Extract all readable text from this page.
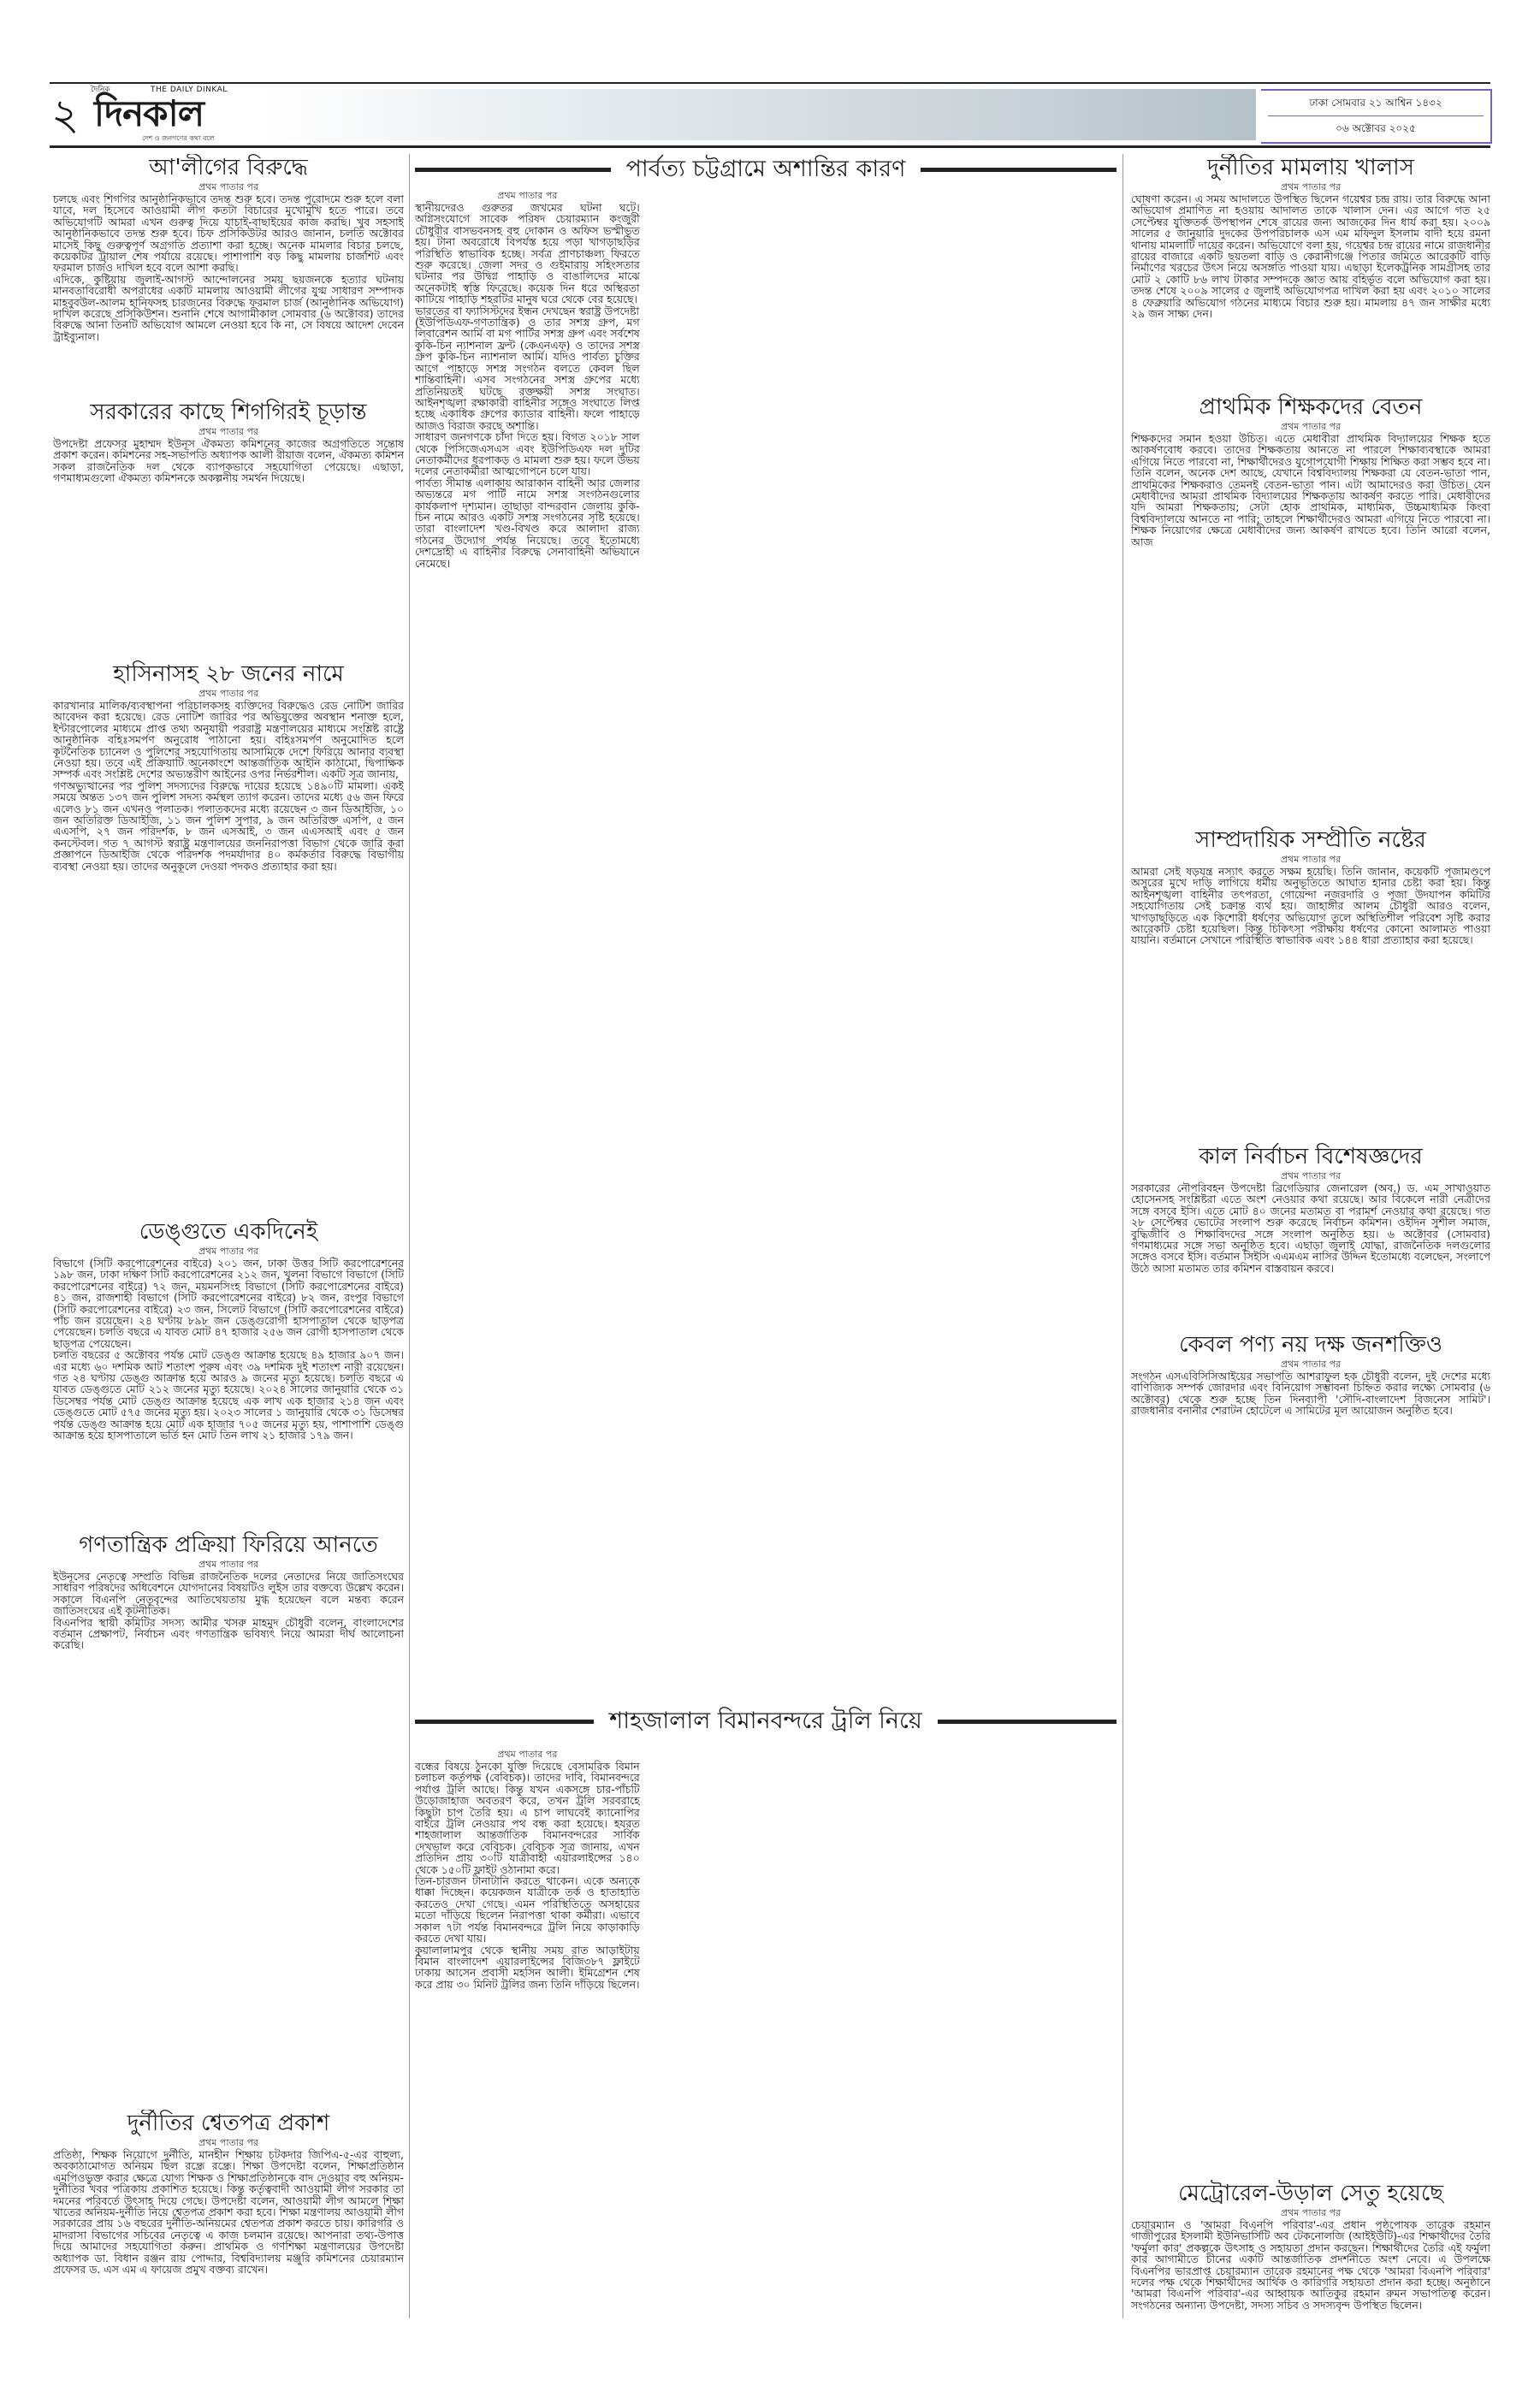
২	দৈনিক	THE DAILY DINKAL
দিনকাল
দেশ ও জনগণের কথা বলে
ঢাকা সোমবার ২১ আশ্বিন ১৪৩২
০৬ অক্টোবর ২০২৫
আ'লীগের বিরুদ্ধে
প্রথম পাতার পর

চলছে এবং শিগগির আনুষ্ঠানিকভাবে তদন্ত শুরু হবে। তদন্ত পুরোদমে শুরু হলে বলা যাবে, দল হিসেবে আওয়ামী লীগ কতটা বিচারের মুখোমুখি হতে পারে। তবে অভিযোগটি আমরা এখন গুরুত্ব দিয়ে যাচাই-বাছাইয়ের কাজ করছি। খুব সহসাই আনুষ্ঠানিকভাবে তদন্ত শুরু হবে। চিফ প্রসিকিউটর আরও জানান, চলতি অক্টোবর মাসেই কিছু গুরুত্বপূর্ণ অগ্রগতি প্রত্যাশা করা হচ্ছে। অনেক মামলার বিচার চলছে, কয়েকটির ট্রায়াল শেষ পর্যায়ে রয়েছে। পাশাপাশি বড় কিছু মামলায় চার্জশিট এবং ফরমাল চার্জও দাখিল হবে বলে আশা করছি।

এদিকে, কুষ্টিয়ায় জুলাই-আগস্ট আন্দোলনের সময় ছয়জনকে হত্যার ঘটনায় মানবতাবিরোধী অপরাধের একটি মামলায় আওয়ামী লীগের যুগ্ম সাধারণ সম্পাদক মাহবুবউল-আলম হানিফসহ চারজনের বিরুদ্ধে ফরমাল চার্জ (আনুষ্ঠানিক অভিযোগ) দাখিল করেছে প্রসিকিউশন। শুনানি শেষে আগামীকাল সোমবার (৬ অক্টোবর) তাদের বিরুদ্ধে আনা তিনটি অভিযোগ আমলে নেওয়া হবে কি না, সে বিষয়ে আদেশ দেবেন ট্রাইব্যুনাল।

সরকারের কাছে শিগগিরই চূড়ান্ত
প্রথম পাতার পর

উপদেষ্টা প্রফেসর মুহাম্মদ ইউনূস ঐকমত্য কমিশনের কাজের অগ্রগতিতে সন্তোষ প্রকাশ করেন। কমিশনের সহ-সভাপতি অধ্যাপক আলী রীয়াজ বলেন, ঐকমত্য কমিশন সকল রাজনৈতিক দল থেকে ব্যাপকভাবে সহযোগিতা পেয়েছে। এছাড়া, গণমাধ্যমগুলো ঐকমত্য কমিশনকে অকল্পনীয় সমর্থন দিয়েছে।

হাসিনাসহ ২৮ জনের নামে
প্রথম পাতার পর

কারখানার মালিক/ব্যবস্থাপনা পরিচালকসহ ব্যক্তিদের বিরুদ্ধেও রেড নোটিশ জারির আবেদন করা হয়েছে। রেড নোটিশ জারির পর অভিযুক্তের অবস্থান শনাক্ত হলে, ইন্টারপোলের মাধ্যমে প্রাপ্ত তথ্য অনুযায়ী পররাষ্ট্র মন্ত্রণালয়ের মাধ্যমে সংশ্লিষ্ট রাষ্ট্রে আনুষ্ঠানিক বহিঃসমর্পণ অনুরোধ পাঠানো হয়। বহিঃসমর্পণ অনুমোদিত হলে কূটনৈতিক চ্যানেল ও পুলিশের সহযোগিতায় আসামিকে দেশে ফিরিয়ে আনার ব্যবস্থা নেওয়া হয়। তবে এই প্রক্রিয়াটি অনেকাংশে আন্তর্জাতিক আইনি কাঠামো, দ্বিপাক্ষিক সম্পর্ক এবং সংশ্লিষ্ট দেশের অভ্যন্তরীণ আইনের ওপর নির্ভরশীল। একটি সূত্র জানায়,

গণঅভ্যুত্থানের পর পুলিশ সদস্যদের বিরুদ্ধে দায়ের হয়েছে ১৪৯০টি মামলা। একই সময়ে অন্তত ১৩৭ জন পুলিশ সদস্য কর্মস্থল ত্যাগ করেন। তাদের মধ্যে ৫৬ জন ফিরে এলেও ৮১ জন এখনও পলাতক। পলাতকদের মধ্যে রয়েছেন ৩ জন ডিআইজি, ১০ জন অতিরিক্ত ডিআইজি, ১১ জন পুলিশ সুপার, ৯ জন অতিরিক্ত এসপি, ৫ জন এএসপি, ২৭ জন পরিদর্শক, ৮ জন এসআই, ৩ জন এএসআই এবং ৫ জন কনস্টেবল। গত ৭ আগস্ট স্বরাষ্ট্র মন্ত্রণালয়ের জননিরাপত্তা বিভাগ থেকে জারি করা প্রজ্ঞাপনে ডিআইজি থেকে পরিদর্শক পদমর্যাদার ৪০ কর্মকর্তার বিরুদ্ধে বিভাগীয় ব্যবস্থা নেওয়া হয়। তাদের অনুকূলে দেওয়া পদকও প্রত্যাহার করা হয়।

ডেঙ্গুতে একদিনেই
প্রথম পাতার পর

বিভাগে (সিটি করপোরেশনের বাইরে) ২০১ জন, ঢাকা উত্তর সিটি করপোরেশনের ১৯৮ জন, ঢাকা দক্ষিণ সিটি করপোরেশনের ২১২ জন, খুলনা বিভাগে বিভাগে (সিটি করপোরেশনের বাইরে) ৭২ জন, ময়মনসিংহ বিভাগে (সিটি করপোরেশনের বাইরে) ৪১ জন, রাজশাহী বিভাগে (সিটি করপোরেশনের বাইরে) ৮২ জন, রংপুর বিভাগে (সিটি করপোরেশনের বাইরে) ২৩ জন, সিলেট বিভাগে (সিটি করপোরেশনের বাইরে) পাঁচ জন রয়েছেন। ২৪ ঘণ্টায় ৮৯৮ জন ডেঙ্গুরোগী হাসপাতাল থেকে ছাড়পত্র পেয়েছেন। চলতি বছরে এ যাবত মোট ৪৭ হাজার ২৫৬ জন রোগী হাসপাতাল থেকে ছাড়পত্র পেয়েছেন।

চলতি বছরের ৫ অক্টোবর পর্যন্ত মোট ডেঙ্গু আক্রান্ত হয়েছে ৪৯ হাজার ৯০৭ জন। এর মধ্যে ৬০ দশমিক আট শতাংশ পুরুষ এবং ৩৯ দশমিক দুই শতাংশ নারী রয়েছেন। গত ২৪ ঘণ্টায় ডেঙ্গু আক্রান্ত হয়ে আরও ৯ জনের মৃত্যু হয়েছে। চলতি বছরে এ যাবত ডেঙ্গুতে মোট ২১২ জনের মৃত্যু হয়েছে। ২০২৪ সালের জানুয়ারি থেকে ৩১ ডিসেম্বর পর্যন্ত মোট ডেঙ্গু আক্রান্ত হয়েছে এক লাখ এক হাজার ২১৪ জন এবং ডেঙ্গুতে মোট ৫৭৫ জনের মৃত্যু হয়। ২০২৩ সালের ১ জানুয়ারি থেকে ৩১ ডিসেম্বর পর্যন্ত ডেঙ্গু আক্রান্ত হয়ে মোট এক হাজার ৭০৫ জনের মৃত্যু হয়, পাশাপাশি ডেঙ্গু আক্রান্ত হয়ে হাসপাতালে ভর্তি হন মোট তিন লাখ ২১ হাজার ১৭৯ জন।

গণতান্ত্রিক প্রক্রিয়া ফিরিয়ে আনতে
প্রথম পাতার পর

ইউনূসের নেতৃত্বে সম্প্রতি বিভিন্ন রাজনৈতিক দলের নেতাদের নিয়ে জাতিসংঘের সাধারণ পরিষদের অধিবেশনে যোগদানের বিষয়টিও লুইস তার বক্তব্যে উল্লেখ করেন। সকালে বিএনপি নেতৃবৃন্দের আতিথেয়তায় মুগ্ধ হয়েছেন বলে মন্তব্য করেন জাতিসংঘের এই কূটনীতিক।

বিএনপির স্থায়ী কমিটির সদস্য আমীর খসরু মাহমুদ চৌধুরী বলেন, বাংলাদেশের বর্তমান প্রেক্ষাপট, নির্বাচন এবং গণতান্ত্রিক ভবিষ্যৎ নিয়ে আমরা দীর্ঘ আলোচনা করেছি।

দুর্নীতির শ্বেতপত্র প্রকাশ
প্রথম পাতার পর

প্রতিষ্ঠা, শিক্ষক নিয়োগে দুর্নীতি, মানহীন শিক্ষায় চটকদার জিপিএ-৫-এর বাহুল্য, অবকাঠামোগত অনিয়ম ছিল রন্ধ্রে রন্ধ্রে। শিক্ষা উপদেষ্টা বলেন, শিক্ষাপ্রতিষ্ঠান এমপিওভুক্ত করার ক্ষেত্রে যোগ্য শিক্ষক ও শিক্ষাপ্রতিষ্ঠানকে বাদ দেওয়ার বহু অনিয়ম-দুর্নীতির খবর পত্রিকায় প্রকাশিত হয়েছে। কিন্তু কর্তৃত্ববাদী আওয়ামী লীগ সরকার তা দমনের পরিবর্তে উৎসাহ দিয়ে গেছে। উপদেষ্টা বলেন, আওয়ামী লীগ আমলে শিক্ষা খাতের অনিয়ম-দুর্নীতি নিয়ে শ্বেতপত্র প্রকাশ করা হবে। শিক্ষা মন্ত্রণালয় আওয়ামী লীগ সরকারের প্রায় ১৬ বছরের দুর্নীতি-অনিয়মের শ্বেতপত্র প্রকাশ করতে চায়। কারিগরি ও মাদরাসা বিভাগের সচিবের নেতৃত্বে এ কাজ চলমান রয়েছে। আপনারা তথ্য-উপাত্ত দিয়ে আমাদের সহযোগিতা করুন। প্রাথমিক ও গণশিক্ষা মন্ত্রণালয়ের উপদেষ্টা অধ্যাপক ডা. বিধান রঞ্জন রায় পোদ্দার, বিশ্ববিদ্যালয় মঞ্জুরি কমিশনের চেয়ারম্যান প্রফেসর ড. এস এম এ ফায়েজ প্রমুখ বক্তব্য রাখেন।

পার্বত্য চট্টগ্রামে অশান্তির কারণ
প্রথম পাতার পর

স্থানীয়দেরও গুরুতর জখমের ঘটনা ঘটে। অগ্নিসংযোগে সাবেক পরিষদ চেয়ারম্যান কংজুরী চৌধুরীর বাসভবনসহ বহু দোকান ও অফিস ভস্মীভূত হয়। টানা অবরোধে বিপর্যস্ত হয়ে পড়া খাগড়াছড়ির পরিস্থিতি স্বাভাবিক হচ্ছে। সর্বত্র প্রাণচাঞ্চল্য ফিরতে শুরু করেছে। জেলা সদর ও গুইমারায় সহিংসতার ঘটনার পর উদ্বিগ্ন পাহাড়ি ও বাঙালিদের মাঝে অনেকটাই স্বস্তি ফিরেছে। কয়েক দিন ধরে অস্থিরতা কাটিয়ে পাহাড়ি শহরটির মানুষ ঘরে থেকে বের হয়েছে।

ভারতের বা ফ্যাসিস্টদের ইন্ধন দেখছেন স্বরাষ্ট্র উপদেষ্টা

(ইউপিডিএফ-গণতান্ত্রিক) ও তার সশস্ত্র গ্রুপ, মগ লিবারেশন আর্মি বা মগ পার্টির সশস্ত্র গ্রুপ এবং সর্বশেষ কুকি-চিন ন্যাশনাল ফ্রন্ট (কেএনএফ) ও তাদের সশস্ত্র গ্রুপ কুকি-চিন ন্যাশনাল আর্মি। যদিও পার্বত্য চুক্তির আগে পাহাড়ে সশস্ত্র সংগঠন বলতে কেবল ছিল শান্তিবাহিনী। এসব সংগঠনের সশস্ত্র গ্রুপের মধ্যে প্রতিনিয়তই ঘটছে রক্তক্ষয়ী সশস্ত্র সংঘাত। আইনশৃঙ্খলা রক্ষাকারী বাহিনীর সঙ্গেও সংঘাতে লিপ্ত হচ্ছে একাধিক গ্রুপের ক্যাডার বাহিনী। ফলে পাহাড়ে আজও বিরাজ করছে অশান্তি।

সাধারণ জনগণকে চাঁদা দিতে হয়। বিগত ২০১৮ সাল থেকে পিসিজেএসএস এবং ইউপিডিএফ দল দুটির নেতাকর্মীদের ধরপাকড় ও মামলা শুরু হয়। ফলে উভয় দলের নেতাকর্মীরা আত্মগোপনে চলে যায়।

পার্বত্য সীমান্ত এলাকায় আরাকান বাহিনী আর জেলার অভ্যন্তরে মগ পার্টি নামে সশস্ত্র সংগঠনগুলোর কার্যকলাপ দৃশ্যমান। তাছাড়া বান্দরবান জেলায় কুকি-চিন নামে আরও একটি সশস্ত্র সংগঠনের সৃষ্টি হয়েছে। তারা বাংলাদেশ খণ্ড-বিখণ্ড করে আলাদা রাজ্য গঠনের উদ্যোগ পর্যন্ত নিয়েছে। তবে ইতোমধ্যে দেশদ্রোহী এ বাহিনীর বিরুদ্ধে সেনাবাহিনী অভিযানে নেমেছে।

শাহজালাল বিমানবন্দরে ট্রলি নিয়ে
প্রথম পাতার পর

বন্ধের বিষয়ে ঠুনকো যুক্তি দিয়েছে বেসামরিক বিমান চলাচল কর্তৃপক্ষ (বেবিচক)। তাদের দাবি, বিমানবন্দরে পর্যাপ্ত ট্রলি আছে। কিন্তু যখন একসঙ্গে চার-পাঁচটি উড়োজাহাজ অবতরণ করে, তখন ট্রলি সরবরাহে কিছুটা চাপ তৈরি হয়। এ চাপ লাঘবেই ক্যানোপির বাইরে ট্রলি নেওয়ার পথ বন্ধ করা হয়েছে। হযরত শাহজালাল আন্তর্জাতিক বিমানবন্দরের সার্বিক দেখভাল করে বেবিচক। বেবিচক সূত্র জানায়, এখন প্রতিদিন প্রায় ৩০টি যাত্রীবাহী এয়ারলাইন্সের ১৪০ থেকে ১৫০টি ফ্লাইট ওঠানামা করে।

তিন-চারজন টানাটানি করতে থাকেন। একে অন্যকে ধাক্কা দিচ্ছেন। কয়েকজন যাত্রীকে তর্ক ও হাতাহাতি করতেও দেখা গেছে। এমন পরিস্থিতিতে অসহায়ের মতো দাঁড়িয়ে ছিলেন নিরাপত্তা থাকা কর্মীরা। এভাবে সকাল ৭টা পর্যন্ত বিমানবন্দরে ট্রলি নিয়ে কাড়াকাড়ি করতে দেখা যায়।

কুয়ালালামপুর থেকে স্থানীয় সময় রাত আড়াইটায় বিমান বাংলাদেশ এয়ারলাইন্সের বিজি৩৮৭ ফ্লাইটে ঢাকায় আসেন প্রবাসী মহসিন আলী। ইমিগ্রেশন শেষ করে প্রায় ৩০ মিনিট ট্রলির জন্য তিনি দাঁড়িয়ে ছিলেন।

দুর্নীতির মামলায় খালাস
প্রথম পাতার পর

ঘোষণা করেন। এ সময় আদালতে উপস্থিত ছিলেন গয়েশ্বর চন্দ্র রায়। তার বিরুদ্ধে আনা অভিযোগ প্রমাণিত না হওয়ায় আদালত তাকে খালাস দেন। এর আগে গত ২৫ সেপ্টেম্বর যুক্তিতর্ক উপস্থাপন শেষে রায়ের জন্য আজকের দিন ধার্য করা হয়। ২০০৯ সালের ৫ জানুয়ারি দুদকের উপপরিচালক এস এম মফিদুল ইসলাম বাদী হয়ে রমনা থানায় মামলাটি দায়ের করেন। অভিযোগে বলা হয়, গয়েশ্বর চন্দ্র রায়ের নামে রাজধানীর রায়ের বাজারে একটি ছয়তলা বাড়ি ও কেরানীগঞ্জে পিতার জমিতে আরেকটি বাড়ি নির্মাণের খরচের উৎস নিয়ে অসঙ্গতি পাওয়া যায়। এছাড়া ইলেকট্রনিক সামগ্রীসহ তার মোট ২ কোটি ৮৬ লাখ টাকার সম্পদকে জ্ঞাত আয় বহির্ভূত বলে অভিযোগ করা হয়। তদন্ত শেষে ২০০৯ সালের ৫ জুলাই অভিযোগপত্র দাখিল করা হয় এবং ২০১০ সালের ৪ ফেব্রুয়ারি অভিযোগ গঠনের মাধ্যমে বিচার শুরু হয়। মামলায় ৪৭ জন সাক্ষীর মধ্যে ২৯ জন সাক্ষ্য দেন।

প্রাথমিক শিক্ষকদের বেতন
প্রথম পাতার পর

শিক্ষকদের সমান হওয়া উচিত। এতে মেধাবীরা প্রাথমিক বিদ্যালয়ের শিক্ষক হতে আকর্ষণবোধ করবে। তাদের শিক্ষকতায় আনতে না পারলে শিক্ষাব্যবস্থাকে আমরা এগিয়ে নিতে পারবো না, শিক্ষার্থীদেরও যুগোপযোগী শিক্ষায় শিক্ষিত করা সম্ভব হবে না। তিনি বলেন, অনেক দেশ আছে, যেখানে বিশ্ববিদ্যালয় শিক্ষকরা যে বেতন-ভাতা পান, প্রাথমিকের শিক্ষকরাও তেমনই বেতন-ভাতা পান। এটা আমাদেরও করা উচিত। যেন মেধাবীদের আমরা প্রাথমিক বিদ্যালয়ের শিক্ষকতায় আকর্ষণ করতে পারি। মেধাবীদের যদি আমরা শিক্ষকতায়; সেটা হোক প্রাথমিক, মাধ্যমিক, উচ্চমাধ্যমিক কিংবা বিশ্ববিদ্যালয়ে আনতে না পারি; তাহলে শিক্ষার্থীদেরও আমরা এগিয়ে নিতে পারবো না। শিক্ষক নিয়োগের ক্ষেত্রে মেধাবীদের জন্য আকর্ষণ রাখতে হবে। তিনি আরো বলেন, আজ

সাম্প্রদায়িক সম্প্রীতি নষ্টের
প্রথম পাতার পর

আমরা সেই ষড়যন্ত্র নস্যাৎ করতে সক্ষম হয়েছি। তিনি জানান, কয়েকটি পূজামণ্ডপে অসুরের মুখে দাড়ি লাগিয়ে ধর্মীয় অনুভূতিতে আঘাত হানার চেষ্টা করা হয়। কিন্তু আইনশৃঙ্খলা বাহিনীর তৎপরতা, গোয়েন্দা নজরদারি ও পূজা উদযাপন কমিটির সহযোগিতায় সেই চক্রান্ত ব্যর্থ হয়। জাহাঙ্গীর আলম চৌধুরী আরও বলেন, খাগড়াছড়িতে এক কিশোরী ধর্ষণের অভিযোগ তুলে অস্থিতিশীল পরিবেশ সৃষ্টি করার আরেকটি চেষ্টা হয়েছিল। কিন্তু চিকিৎসা পরীক্ষায় ধর্ষণের কোনো আলামত পাওয়া যায়নি। বর্তমানে সেখানে পরিস্থিতি স্বাভাবিক এবং ১৪৪ ধারা প্রত্যাহার করা হয়েছে।

কাল নির্বাচন বিশেষজ্ঞদের
প্রথম পাতার পর

সরকারের নৌপরিবহন উপদেষ্টা ব্রিগেডিয়ার জেনারেল (অব.) ড. এম সাখাওয়াত হোসেনসহ সংশ্লিষ্টরা এতে অংশ নেওয়ার কথা রয়েছে। আর বিকেলে নারী নেত্রীদের সঙ্গে বসবে ইসি। এতে মোট ৪০ জনের মতামত বা পরামর্শ নেওয়ার কথা রয়েছে। গত ২৮ সেপ্টেম্বর ভোটের সংলাপ শুরু করেছে নির্বাচন কমিশন। ওইদিন সুশীল সমাজ, বুদ্ধিজীবি ও শিক্ষাবিদদের সঙ্গে সংলাপ অনুষ্ঠিত হয়। ৬ অক্টোবর (সোমবার) গণমাধ্যমের সঙ্গে সভা অনুষ্ঠিত হবে। এছাড়া জুলাই যোদ্ধা, রাজনৈতিক দলগুলোর সঙ্গেও বসবে ইসি। বর্তমান সিইসি এএমএম নাসির উদ্দিন ইতোমধ্যে বলেছেন, সংলাপে উঠে আসা মতামত তার কমিশন বাস্তবায়ন করবে।

কেবল পণ্য নয় দক্ষ জনশক্তিও
প্রথম পাতার পর

সংগঠন এসএবিসিসিআইয়ের সভাপতি আশরাফুল হক চৌধুরী বলেন, দুই দেশের মধ্যে বাণিজ্যিক সম্পর্ক জোরদার এবং বিনিয়োগ সম্ভাবনা চিহ্নিত করার লক্ষ্যে সোমবার (৬ অক্টোবর) থেকে শুরু হচ্ছে তিন দিনব্যাপী 'সৌদি-বাংলাদেশ বিজনেস সামিট'। রাজধানীর বনানীর শেরাটন হোটেলে এ সামিটের মূল আয়োজন অনুষ্ঠিত হবে।

মেট্রোরেল-উড়াল সেতু হয়েছে
প্রথম পাতার পর

চেয়ারম্যান ও 'আমরা বিএনপি পরিবার'-এর প্রধান পৃষ্ঠপোষক তারেক রহমান গাজীপুরের ইসলামী ইউনিভার্সিটি অব টেকনোলজি (আইইউটি)-এর শিক্ষার্থীদের তৈরি 'ফর্মুলা কার' প্রকল্পকে উৎসাহ ও সহায়তা প্রদান করছেন। শিক্ষার্থীদের তৈরি এই ফর্মুলা কার আগামীতে চীনের একটি আন্তর্জাতিক প্রদর্শনীতে অংশ নেবে। এ উপলক্ষে বিএনপির ভারপ্রাপ্ত চেয়ারম্যান তারেক রহমানের পক্ষ থেকে 'আমরা বিএনপি পরিবার' দলের পক্ষ থেকে শিক্ষার্থীদের আর্থিক ও কারিগরি সহায়তা প্রদান করা হচ্ছে। অনুষ্ঠানে 'আমরা বিএনপি পরিবার'-এর আহ্বায়ক আতিকুর রহমান রুমন সভাপতিত্ব করেন। সংগঠনের অন্যান্য উপদেষ্টা, সদস্য সচিব ও সদস্যবৃন্দ উপস্থিত ছিলেন।
